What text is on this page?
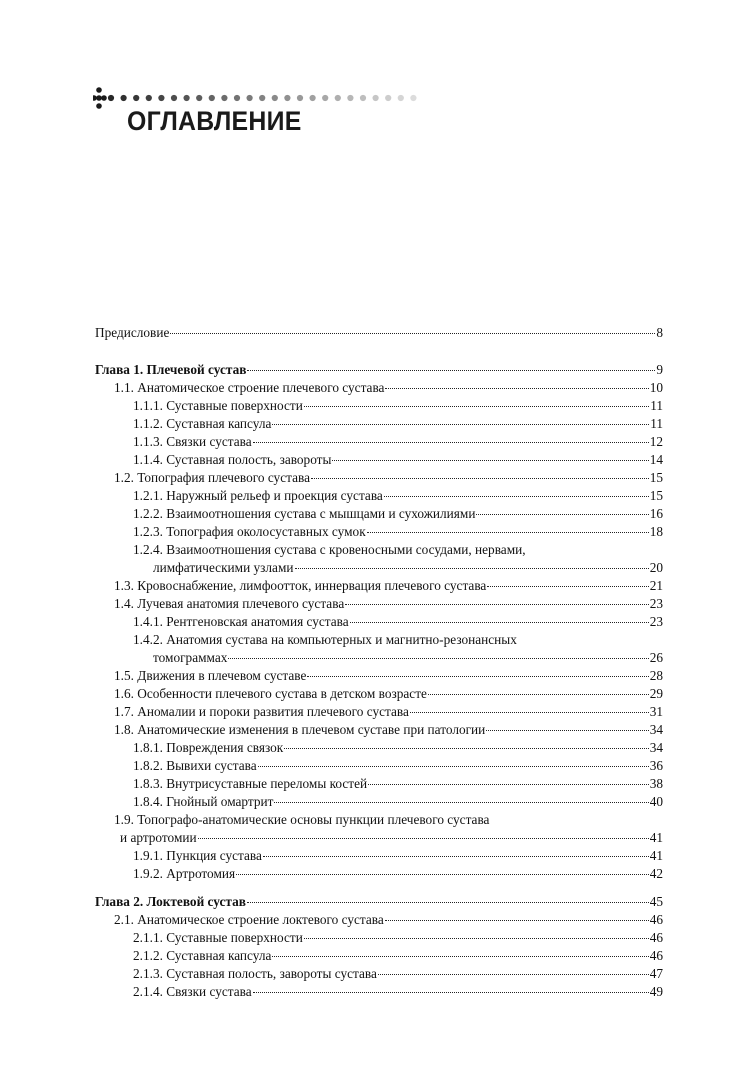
ОГЛАВЛЕНИЕ
Предисловие	8
Глава 1. Плечевой сустав	9
1.1. Анатомическое строение плечевого сустава	10
1.1.1. Суставные поверхности	11
1.1.2. Суставная капсула	11
1.1.3. Связки сустава	12
1.1.4. Суставная полость, завороты	14
1.2. Топография плечевого сустава	15
1.2.1. Наружный рельеф и проекция сустава	15
1.2.2. Взаимоотношения сустава с мышцами и сухожилиями	16
1.2.3. Топография околосуставных сумок	18
1.2.4. Взаимоотношения сустава с кровеносными сосудами, нервами,
лимфатическими узлами	20
1.3. Кровоснабжение, лимфоотток, иннервация плечевого сустава	21
1.4. Лучевая анатомия плечевого сустава	23
1.4.1. Рентгеновская анатомия сустава	23
1.4.2. Анатомия сустава на компьютерных и магнитно-резонансных
томограммах	26
1.5. Движения в плечевом суставе	28
1.6. Особенности плечевого сустава в детском возрасте	29
1.7. Аномалии и пороки развития плечевого сустава	31
1.8. Анатомические изменения в плечевом суставе при патологии	34
1.8.1. Повреждения связок	34
1.8.2. Вывихи сустава	36
1.8.3. Внутрисуставные переломы костей	38
1.8.4. Гнойный омартрит	40
1.9. Топографо-анатомические основы пункции плечевого сустава
и артротомии	41
1.9.1. Пункция сустава	41
1.9.2. Артротомия	42
Глава 2. Локтевой сустав	45
2.1. Анатомическое строение локтевого сустава	46
2.1.1. Суставные поверхности	46
2.1.2. Суставная капсула	46
2.1.3. Суставная полость, завороты сустава	47
2.1.4. Связки сустава	49
